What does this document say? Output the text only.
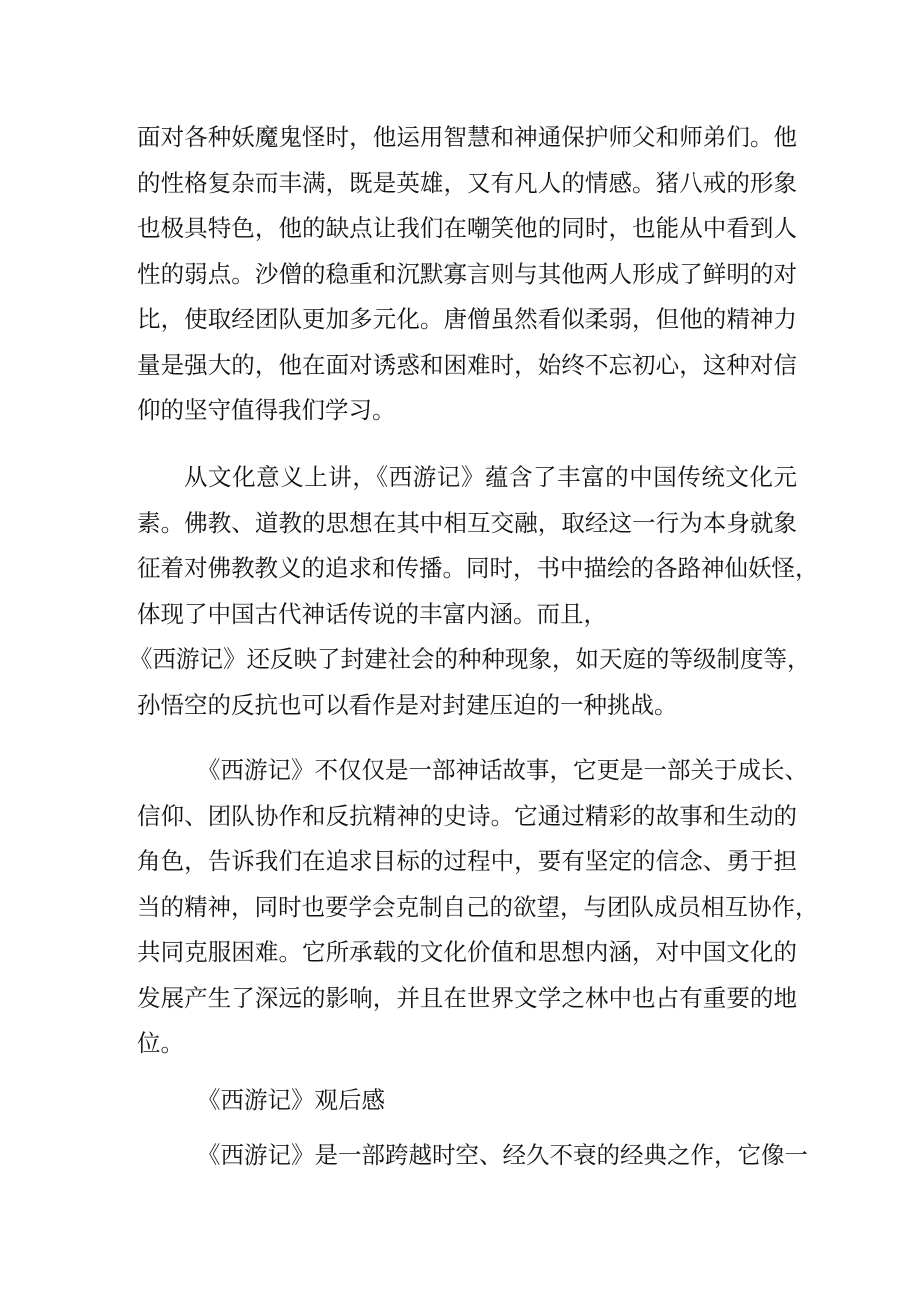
面对各种妖魔鬼怪时，他运用智慧和神通保护师父和师弟们。他
的性格复杂而丰满，既是英雄，又有凡人的情感。猪八戒的形象
也极具特色，他的缺点让我们在嘲笑他的同时，也能从中看到人
性的弱点。沙僧的稳重和沉默寡言则与其他两人形成了鲜明的对
比，使取经团队更加多元化。唐僧虽然看似柔弱，但他的精神力
量是强大的，他在面对诱惑和困难时，始终不忘初心，这种对信
仰的坚守值得我们学习。
从文化意义上讲，《西游记》蕴含了丰富的中国传统文化元
素。佛教、道教的思想在其中相互交融，取经这一行为本身就象
征着对佛教教义的追求和传播。同时，书中描绘的各路神仙妖怪，
体现了中国古代神话传说的丰富内涵。而且，
《西游记》还反映了封建社会的种种现象，如天庭的等级制度等，
孙悟空的反抗也可以看作是对封建压迫的一种挑战。
《西游记》不仅仅是一部神话故事，它更是一部关于成长、
信仰、团队协作和反抗精神的史诗。它通过精彩的故事和生动的
角色，告诉我们在追求目标的过程中，要有坚定的信念、勇于担
当的精神，同时也要学会克制自己的欲望，与团队成员相互协作，
共同克服困难。它所承载的文化价值和思想内涵，对中国文化的
发展产生了深远的影响，并且在世界文学之林中也占有重要的地
位。
《西游记》观后感
《西游记》是一部跨越时空、经久不衰的经典之作，它像一
